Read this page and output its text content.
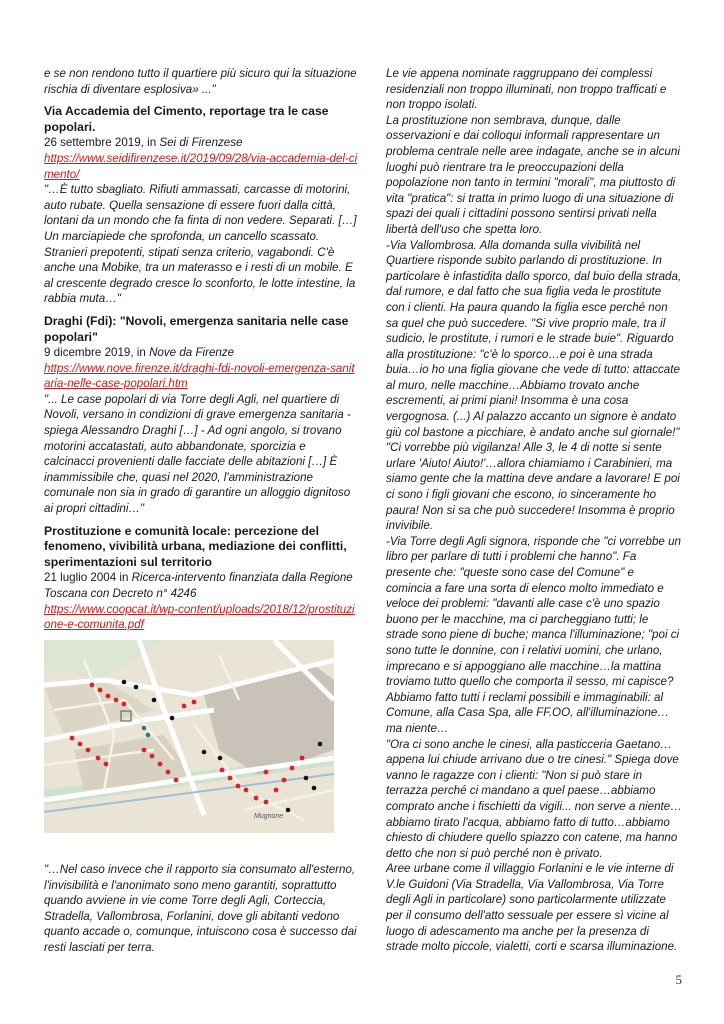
e se non rendono tutto il quartiere più sicuro qui la situazione rischia di diventare esplosiva» ..."

Via Accademia del Cimento, reportage tra le case popolari.

26 settembre 2019, in Sei di Firenzese

https://www.seidifirenzese.it/2019/09/28/via-accademia-del-cimento/

"…È tutto sbagliato. Rifiuti ammassati, carcasse di motorini, auto rubate. Quella sensazione di essere fuori dalla città, lontani da un mondo che fa finta di non vedere. Separati. […] Un marciapiede che sprofonda, un cancello scassato. Stranieri prepotenti, stipati senza criterio, vagabondi. C'è anche una Mobike, tra un materasso e i resti di un mobile. E al crescente degrado cresce lo sconforto, le lotte intestine, la rabbia muta…"

Draghi (Fdi): "Novoli, emergenza sanitaria nelle case popolari"

9 dicembre 2019, in Nove da Firenze

https://www.nove.firenze.it/draghi-fdi-novoli-emergenza-sanitaria-nelle-case-popolari.htm

"... Le case popolari di via Torre degli Agli, nel quartiere di Novoli, versano in condizioni di grave emergenza sanitaria - spiega Alessandro Draghi […] - Ad ogni angolo, si trovano motorini accatastati, auto abbandonate, sporcizia e calcinacci provenienti dalle facciate delle abitazioni […] È inammissibile che, quasi nel 2020, l'amministrazione comunale non sia in grado di garantire un alloggio dignitoso ai propri cittadini…"

Prostituzione e comunità locale: percezione del fenomeno, vivibilità urbana, mediazione dei conflitti, sperimentazioni sul territorio

21 luglio 2004 in Ricerca-intervento finanziata dalla Regione Toscana con Decreto n° 4246

https://www.coopcat.it/wp-content/uploads/2018/12/prostituzione-e-comunita.pdf

Mugnone

"…Nel caso invece che il rapporto sia consumato all'esterno, l'invisibilità e l'anonimato sono meno garantiti, soprattutto quando avviene in vie come Torre degli Agli, Corteccia, Stradella, Vallombrosa, Forlanini, dove gli abitanti vedono quanto accade o, comunque, intuiscono cosa è successo dai resti lasciati per terra.

Le vie appena nominate raggruppano dei complessi residenziali non troppo illuminati, non troppo trafficati e non troppo isolati.

La prostituzione non sembrava, dunque, dalle osservazioni e dai colloqui informali rappresentare un problema centrale nelle aree indagate, anche se in alcuni luoghi può rientrare tra le preoccupazioni della popolazione non tanto in termini "morali", ma piuttosto di vita "pratica": si tratta in primo luogo di una situazione di spazi dei quali i cittadini possono sentirsi privati nella libertà dell'uso che spetta loro.

-Via Vallombrosa. Alla domanda sulla vivibilità nel Quartiere risponde subito parlando di prostituzione. In particolare è infastidita dallo sporco, dal buio della strada, dal rumore, e dal fatto che sua figlia veda le prostitute con i clienti. Ha paura quando la figlia esce perché non sa quel che può succedere. "Si vive proprio male, tra il sudicio, le prostitute, i rumori e le strade buie". Riguardo alla prostituzione: "c'è lo sporco…e poi è una strada buia…io ho una figlia giovane che vede di tutto: attaccate al muro, nelle macchine…Abbiamo trovato anche escrementi, ai primi piani! Insomma è una cosa vergognosa. (...) Al palazzo accanto un signore è andato giù col bastone a picchiare, è andato anche sul giornale!" "Ci vorrebbe più vigilanza! Alle 3, le 4 di notte si sente urlare 'Aiuto! Aiuto!'…allora chiamiamo i Carabinieri, ma siamo gente che la mattina deve andare a lavorare! E poi ci sono i figli giovani che escono, io sinceramente ho paura! Non si sa che può succedere! Insomma è proprio invivibile.

-Via Torre degli Agli signora, risponde che "ci vorrebbe un libro per parlare di tutti i problemi che hanno". Fa presente che: "queste sono case del Comune" e comincia a fare una sorta di elenco molto immediato e veloce dei problemi: "davanti alle case c'è uno spazio buono per le macchine, ma ci parcheggiano tutti; le strade sono piene di buche; manca l'illuminazione; "poi ci sono tutte le donnine, con i relativi uomini, che urlano, imprecano e si appoggiano alle macchine…la mattina troviamo tutto quello che comporta il sesso, mi capisce? Abbiamo fatto tutti i reclami possibili e immaginabili: al Comune, alla Casa Spa, alle FF.OO, all'illuminazione…ma niente…

"Ora ci sono anche le cinesi, alla pasticceria Gaetano… appena lui chiude arrivano due o tre cinesi." Spiega dove vanno le ragazze con i clienti: "Non si può stare in terrazza perché ci mandano a quel paese…abbiamo comprato anche i fischietti da vigili... non serve a niente…abbiamo tirato l'acqua, abbiamo fatto di tutto…abbiamo chiesto di chiudere quello spiazzo con catene, ma hanno detto che non si può perché non è privato.

Aree urbane come il villaggio Forlanini e le vie interne di V.le Guidoni (Via Stradella, Via Vallombrosa, Via Torre degli Agli in particolare) sono particolarmente utilizzate per il consumo dell'atto sessuale per essere sì vicine al luogo di adescamento ma anche per la presenza di strade molto piccole, vialetti, corti e scarsa illuminazione.

5
